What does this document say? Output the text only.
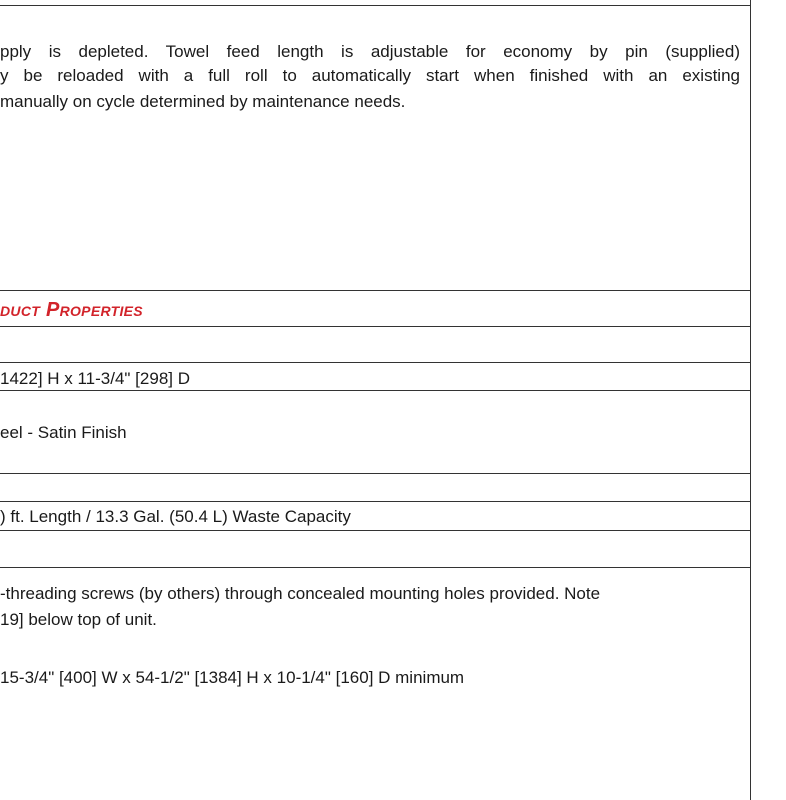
pply is depleted. Towel feed length is adjustable for economy by pin (supplied)
y be reloaded with a full roll to automatically start when finished with an existing
manually on cycle determined by maintenance needs.
duct Properties
1422] H x 11-3/4" [298] D
eel - Satin Finish
) ft. Length / 13.3 Gal. (50.4 L) Waste Capacity
-threading screws (by others) through concealed mounting holes provided. Note
19] below top of unit.
15-3/4" [400] W x 54-1/2" [1384] H x 10-1/4" [160] D minimum
